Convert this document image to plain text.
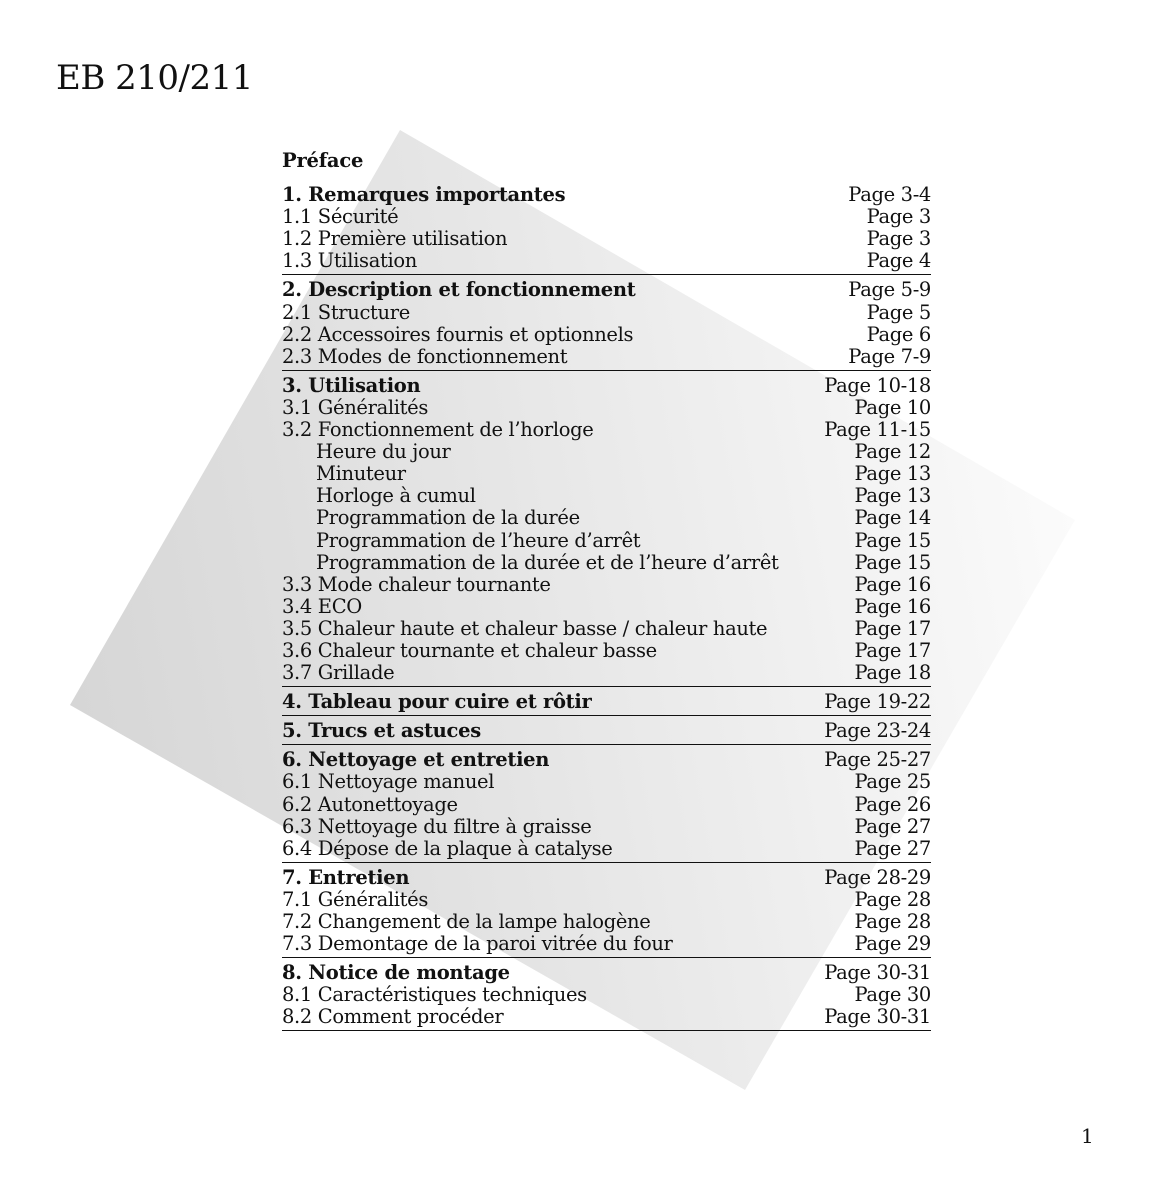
EB 210/211
Préface
1. Remarques importantes	Page 3-4
1.1 Sécurité	Page 3
1.2 Première utilisation	Page 3
1.3 Utilisation	Page 4
2. Description et fonctionnement	Page 5-9
2.1 Structure	Page 5
2.2 Accessoires fournis et optionnels	Page 6
2.3 Modes de fonctionnement	Page 7-9
3. Utilisation	Page 10-18
3.1 Généralités	Page 10
3.2 Fonctionnement de l’horloge	Page 11-15
Heure du jour	Page 12
Minuteur	Page 13
Horloge à cumul	Page 13
Programmation de la durée	Page 14
Programmation de l’heure d’arrêt	Page 15
Programmation de la durée et de l’heure d’arrêt	Page 15
3.3 Mode chaleur tournante	Page 16
3.4 ECO	Page 16
3.5 Chaleur haute et chaleur basse / chaleur haute	Page 17
3.6 Chaleur tournante et chaleur basse	Page 17
3.7 Grillade	Page 18
4. Tableau pour cuire et rôtir	Page 19-22
5. Trucs et astuces	Page 23-24
6. Nettoyage et entretien	Page 25-27
6.1 Nettoyage manuel	Page 25
6.2 Autonettoyage	Page 26
6.3 Nettoyage du filtre à graisse	Page 27
6.4 Dépose de la plaque à catalyse	Page 27
7. Entretien	Page 28-29
7.1 Généralités	Page 28
7.2 Changement de la lampe halogène	Page 28
7.3 Demontage de la paroi vitrée du four	Page 29
8. Notice de montage	Page 30-31
8.1 Caractéristiques techniques	Page 30
8.2 Comment procéder	Page 30-31
1
